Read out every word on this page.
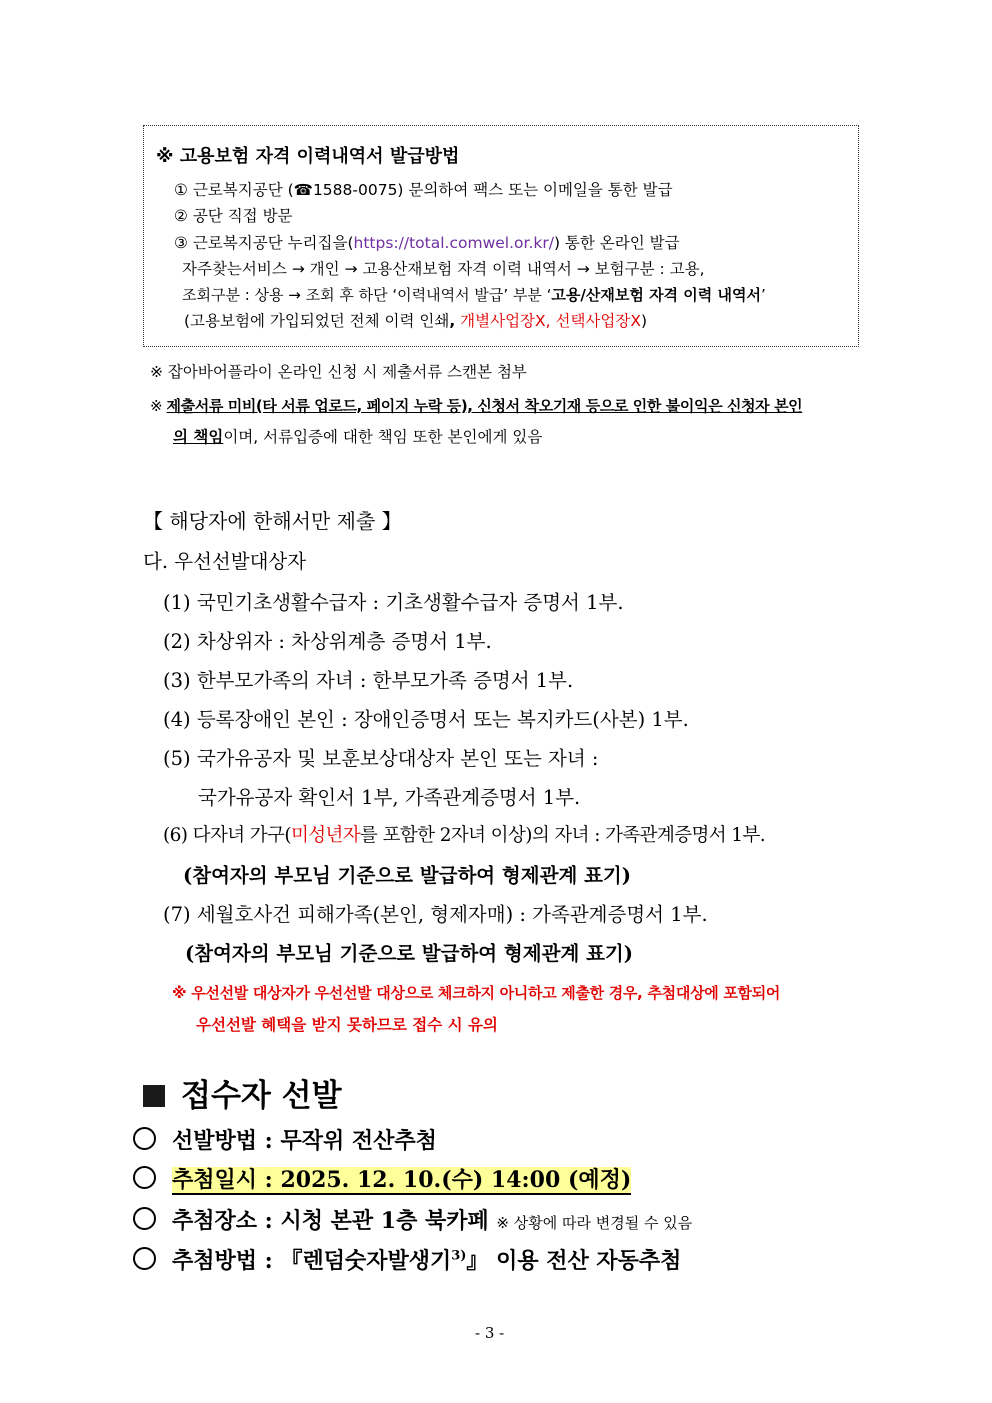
※ 고용보험 자격 이력내역서 발급방법
① 근로복지공단 (☎1588-0075) 문의하여 팩스 또는 이메일을 통한 발급
② 공단 직접 방문
③ 근로복지공단 누리집을(https://total.comwel.or.kr/) 통한 온라인 발급
자주찾는서비스 → 개인 → 고용산재보험 자격 이력 내역서 → 보험구분 : 고용,
조회구분 : 상용 → 조회 후 하단 ‘이력내역서 발급’ 부분 ‘고용/산재보험 자격 이력 내역서’
(고용보험에 가입되었던 전체 이력 인쇄, 개별사업장X, 선택사업장X)
※ 잡아바어플라이 온라인 신청 시 제출서류 스캔본 첨부
※ 제출서류 미비(타 서류 업로드, 페이지 누락 등), 신청서 착오기재 등으로 인한 불이익은 신청자 본인
의 책임이며, 서류입증에 대한 책임 또한 본인에게 있음
【 해당자에 한해서만 제출 】
다. 우선선발대상자
(1) 국민기초생활수급자 : 기초생활수급자 증명서 1부.
(2) 차상위자 : 차상위계층 증명서 1부.
(3) 한부모가족의 자녀 : 한부모가족 증명서 1부.
(4) 등록장애인 본인 : 장애인증명서 또는 복지카드(사본) 1부.
(5) 국가유공자 및 보훈보상대상자 본인 또는 자녀 :
국가유공자 확인서 1부, 가족관계증명서 1부.
(6) 다자녀 가구(미성년자를 포함한 2자녀 이상)의 자녀 : 가족관계증명서 1부.
(참여자의 부모님 기준으로 발급하여 형제관계 표기)
(7) 세월호사건 피해가족(본인, 형제자매) : 가족관계증명서 1부.
(참여자의 부모님 기준으로 발급하여 형제관계 표기)
※ 우선선발 대상자가 우선선발 대상으로 체크하지 아니하고 제출한 경우, 추첨대상에 포함되어
우선선발 혜택을 받지 못하므로 접수 시 유의
접수자 선발
선발방법 : 무작위 전산추첨
추첨일시 : 2025. 12. 10.(수) 14:00 (예정)
추첨장소 : 시청 본관 1층 북카페 ※ 상황에 따라 변경될 수 있음
추첨방법 : 『렌덤숫자발생기$^{3)}$』 이용 전산 자동추첨
- 3 -
